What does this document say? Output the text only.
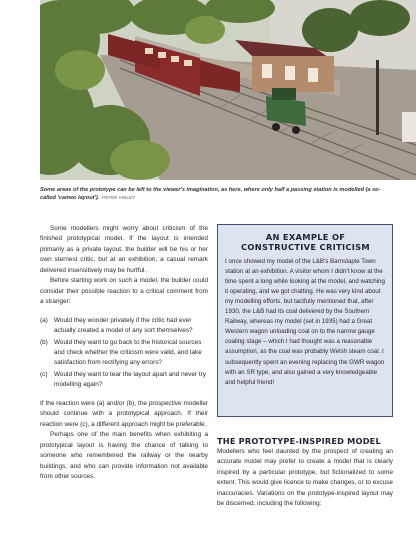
Some areas of the prototype can be left to the viewer's imagination, as here, where only half a passing station is modelled (a so-called 'cameo layout'). PETER AINLEY

Some modellers might worry about criticism of the finished prototypical model. If the layout is intended primarily as a private layout, the builder will be his or her own sternest critic, but at an exhibition, a casual remark delivered insensitively may be hurtful.

Before starting work on such a model, the builder could consider their possible reaction to a critical comment from a stranger:

(a) Would they wonder privately if the critic had ever actually created a model of any sort themselves?
(b) Would they want to go back to the historical sources and check whether the criticism were valid, and take satisfaction from rectifying any errors?
(c) Would they want to tear the layout apart and never try modelling again?

If the reaction were (a) and/or (b), the prospective modeller should continue with a prototypical approach. If their reaction were (c), a different approach might be preferable.

Perhaps one of the main benefits when exhibiting a prototypical layout is having the chance of talking to someone who remembered the railway or the nearby buildings, and who can provide information not available from other sources.

AN EXAMPLE OF
CONSTRUCTIVE CRITICISM

I once showed my model of the L&B's Barnstaple Town station at an exhibition. A visitor whom I didn't know at the time spent a long while looking at the model, and watching it operating, and we got chatting. He was very kind about my modelling efforts, but tactfully mentioned that, after 1930, the L&B had its coal delivered by the Southern Railway, whereas my model (set in 1935) had a Great Western wagon unloading coal on to the narrow gauge coaling stage – which I had thought was a reasonable assumption, as the coal was probably Welsh steam coal. I subsequently spent an evening replacing the GWR wagon with an SR type, and also gained a very knowledgeable and helpful friend!

THE PROTOTYPE-INSPIRED MODEL

Modellers who feel daunted by the prospect of creating an accurate model may prefer to create a model that is clearly inspired by a particular prototype, but fictionalized to some extent. This would give licence to make changes, or to excuse inaccuracies. Variations on the prototype-inspired layout may be discerned, including the following:
